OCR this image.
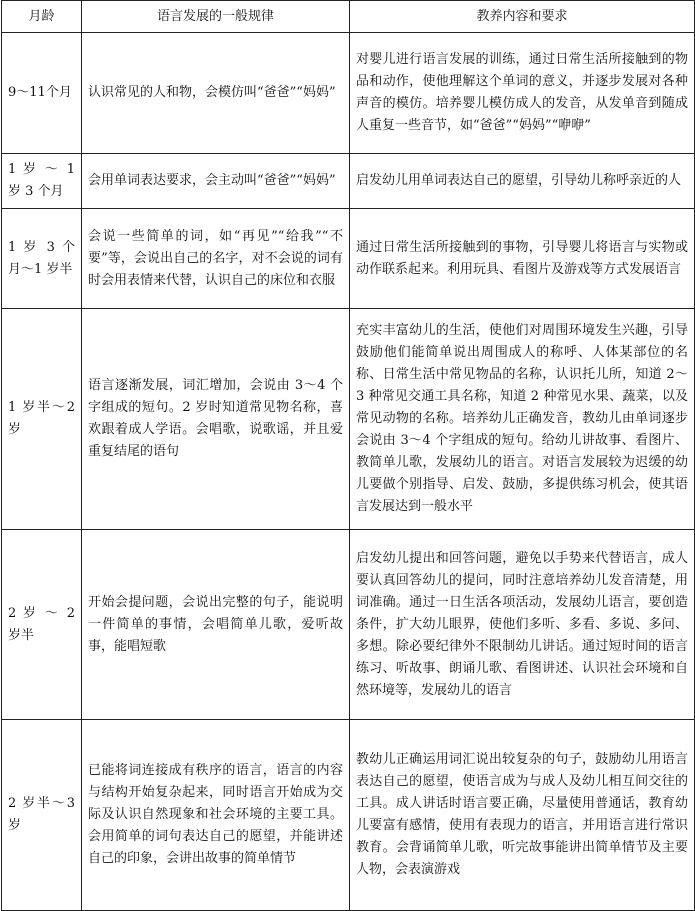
月龄	语言发展的一般规律	教养内容和要求
9～11个月	认识常见的人和物，会模仿叫“爸爸”“妈妈”	对婴儿进行语言发展的训练，通过日常生活所接触到的物品和动作，使他理解这个单词的意义，并逐步发展对各种声音的模仿。培养婴儿模仿成人的发音，从发单音到随成人重复一些音节，如“爸爸”“妈妈”“咿咿”
1 岁 ～ 1 岁 3 个月	会用单词表达要求，会主动叫“爸爸”“妈妈”	启发幼儿用单词表达自己的愿望，引导幼儿称呼亲近的人
1 岁 3 个月～1 岁半	会说一些简单的词，如“再见”“给我”“不要”等，会说出自己的名字，对不会说的词有时会用表情来代替，认识自己的床位和衣服	通过日常生活所接触到的事物，引导婴儿将语言与实物或动作联系起来。利用玩具、看图片及游戏等方式发展语言
1 岁半～2 岁	语言逐渐发展，词汇增加，会说由 3～4 个字组成的短句。2 岁时知道常见物名称，喜欢跟着成人学语。会唱歌，说歌谣，并且爱重复结尾的语句	充实丰富幼儿的生活，使他们对周围环境发生兴趣，引导鼓励他们能简单说出周围成人的称呼、人体某部位的名称、日常生活中常见物品的名称，认识托儿所，知道 2～3 种常见交通工具名称，知道 2 种常见水果、蔬菜，以及常见动物的名称。培养幼儿正确发音，教幼儿由单词逐步会说由 3～4 个字组成的短句。给幼儿讲故事、看图片、教简单儿歌，发展幼儿的语言。对语言发展较为迟缓的幼儿要做个别指导、启发、鼓励，多提供练习机会，使其语言发展达到一般水平
2 岁 ～ 2 岁半	开始会提问题，会说出完整的句子，能说明一件简单的事情，会唱简单儿歌，爱听故事，能唱短歌	启发幼儿提出和回答问题，避免以手势来代替语言，成人要认真回答幼儿的提问，同时注意培养幼儿发音清楚，用词准确。通过一日生活各项活动，发展幼儿语言，要创造条件，扩大幼儿眼界，使他们多听、多看、多说、多问、多想。除必要纪律外不限制幼儿讲话。通过短时间的语言练习、听故事、朗诵儿歌、看图讲述、认识社会环境和自然环境等，发展幼儿的语言
2 岁半～3 岁	已能将词连接成有秩序的语言，语言的内容与结构开始复杂起来，同时语言开始成为交际及认识自然现象和社会环境的主要工具。会用简单的词句表达自己的愿望，并能讲述自己的印象，会讲出故事的简单情节	教幼儿正确运用词汇说出较复杂的句子，鼓励幼儿用语言表达自己的愿望，使语言成为与成人及幼儿相互间交往的工具。成人讲话时语言要正确，尽量使用普通话，教育幼儿要富有感情，使用有表现力的语言，并用语言进行常识教育。会背诵简单儿歌，听完故事能讲出简单情节及主要人物，会表演游戏
